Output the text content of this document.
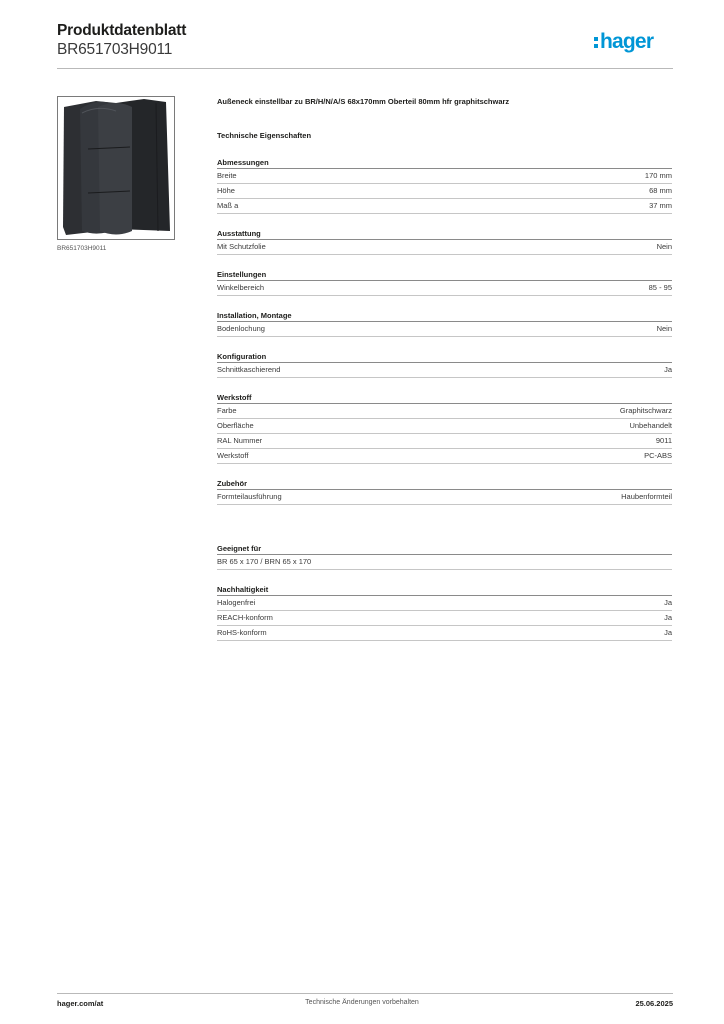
Produktdatenblatt
BR651703H9011	hager
BR651703H9011
Außeneck einstellbar zu BR/H/N/A/S 68x170mm Oberteil 80mm hfr graphitschwarz
Technische Eigenschaften
Abmessungen
Breite	170 mm
Höhe	68 mm
Maß a	37 mm
Ausstattung
Mit Schutzfolie	Nein
Einstellungen
Winkelbereich	85 - 95
Installation, Montage
Bodenlochung	Nein
Konfiguration
Schnittkaschierend	Ja
Werkstoff
Farbe	Graphitschwarz
Oberfläche	Unbehandelt
RAL Nummer	9011
Werkstoff	PC-ABS
Zubehör
Formteilausführung	Haubenformteil
Geeignet für
BR 65 x 170 / BRN 65 x 170
Nachhaltigkeit
Halogenfrei	Ja
REACH-konform	Ja
RoHS-konform	Ja
hager.com/at	Technische Änderungen vorbehalten	25.06.2025
